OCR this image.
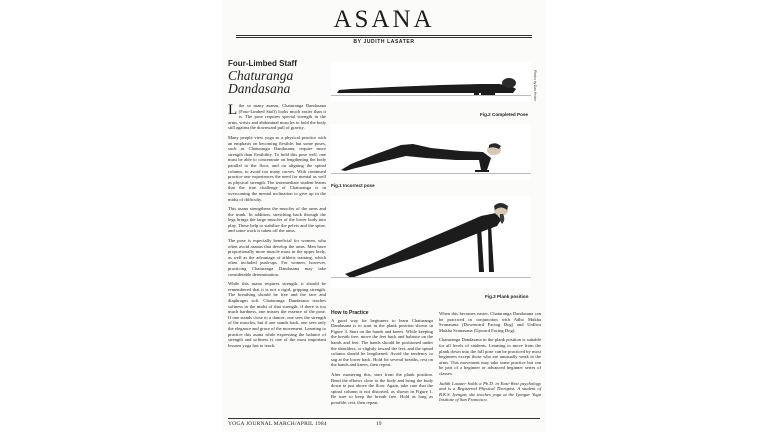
ASANA
BY JUDITH LASATER
Four-Limbed Staff
Chaturanga
Dandasana

Like so many asanas, Chaturanga Dandasana (Four-Limbed Staff) looks much easier than it is. The pose requires special strength in the arms, wrists and abdominal muscles to hold the body still against the downward pull of gravity.

Many people view yoga as a physical practice with an emphasis on becoming flexible, but some poses, such as Chaturanga Dandasana, require more strength than flexibility. To hold this pose well, one must be able to concentrate on lengthening the body parallel to the floor, and on aligning the spinal column, to avoid too many curves. With continued practice one experiences the need for mental as well as physical strength. The intermediate student learns that the true challenge of Chaturanga is in overcoming the mental inclination to give up in the midst of difficulty.

This asana strengthens the muscles of the arms and the trunk. In addition, stretching back through the legs brings the large muscles of the lower body into play. These help to stabilize the pelvis and the spine, and some work is taken off the arms.

The pose is especially beneficial for women, who often avoid asanas that develop the arms. Men have proportionally more muscle mass in the upper body, as well as the advantage of athletic training, which often included push-ups. For women, however, practicing Chaturanga Dandasana may take considerable determination.

While this asana requires strength, it should be remembered that it is not a rigid, gripping strength. The breathing should be free and the face and diaphragm soft. Chaturanga Dandasana teaches softness in the midst of that strength; if there is too much hardness, one misses the essence of the pose. If one stands close to a dancer, one sees the strength of the muscles, but if one stands back, one sees only the elegance and grace of the movement. Learning to practice this asana while expressing the balance of strength and softness is one of the most important lessons yoga has to teach.

Fig.2 Completed Pose
Fig.1 Incorrect pose
Fig.3 Plank position
Photos by Dan Heiser
How to Practice

A good way for beginners to learn Chaturanga Dandasana is to start in the plank position shown in Figure 3. Start on the hands and knees. While keeping the breath free, move the feet back and balance on the hands and feet. The hands should be positioned under the shoulders, or slightly toward the feet, and the spinal column should be lengthened. Avoid the tendency to sag at the lower back. Hold for several breaths, rest on the hands and knees, then repeat.

After mastering this, start from the plank position. Bend the elbows close to the body and bring the body down to just above the floor. Again, take care that the spinal column is not distorted, as shown in Figure 1. Be sure to keep the breath free. Hold as long as possible, rest, then repeat.

When this becomes easier, Chaturanga Dandasana can be practiced in conjunction with Adho Mukha Svanasana (Downward Facing Dog) and Urdhva Mukha Svanasana (Upward Facing Dog).

Chaturanga Dandasana in the plank position is suitable for all levels of students. Learning to move from the plank down into the full pose can be practiced by most beginners except those who are unusually weak in the arms. This movement may take some practice but can be part of a beginner or advanced beginner series of classes.

Judith Lasater holds a Ph.D. in East-West psychology and is a Registered Physical Therapist. A student of B.K.S. Iyengar, she teaches yoga at the Iyengar Yoga Institute of San Francisco.

YOGA JOURNAL MARCH/APRIL 1984	19
